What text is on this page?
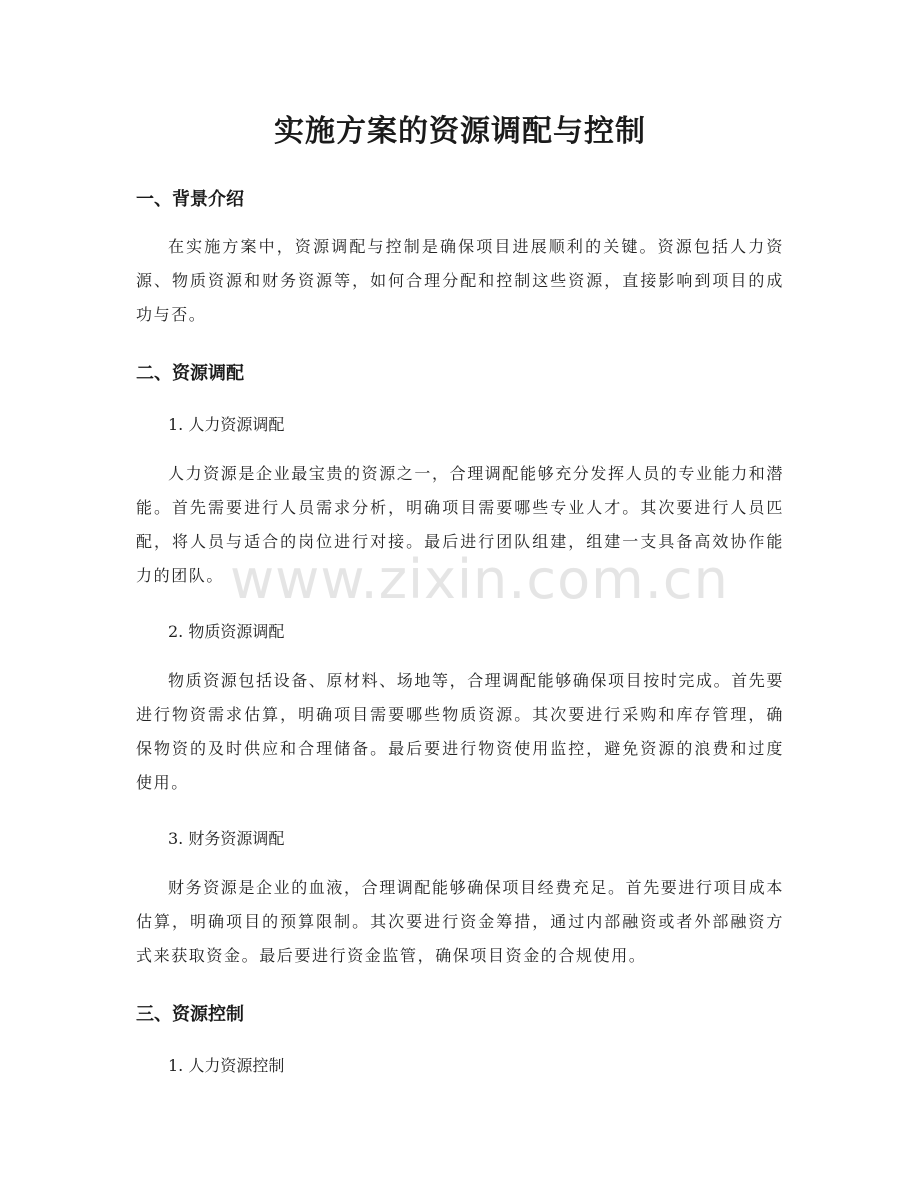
实施方案的资源调配与控制
一、背景介绍

在实施方案中，资源调配与控制是确保项目进展顺利的关键。资源包括人力资源、物质资源和财务资源等，如何合理分配和控制这些资源，直接影响到项目的成功与否。

二、资源调配

1. 人力资源调配

人力资源是企业最宝贵的资源之一，合理调配能够充分发挥人员的专业能力和潜能。首先需要进行人员需求分析，明确项目需要哪些专业人才。其次要进行人员匹配，将人员与适合的岗位进行对接。最后进行团队组建，组建一支具备高效协作能力的团队。

2. 物质资源调配

物质资源包括设备、原材料、场地等，合理调配能够确保项目按时完成。首先要进行物资需求估算，明确项目需要哪些物质资源。其次要进行采购和库存管理，确保物资的及时供应和合理储备。最后要进行物资使用监控，避免资源的浪费和过度使用。

3. 财务资源调配

财务资源是企业的血液，合理调配能够确保项目经费充足。首先要进行项目成本估算，明确项目的预算限制。其次要进行资金筹措，通过内部融资或者外部融资方式来获取资金。最后要进行资金监管，确保项目资金的合规使用。

三、资源控制

1. 人力资源控制

www.zixin.com.cn
